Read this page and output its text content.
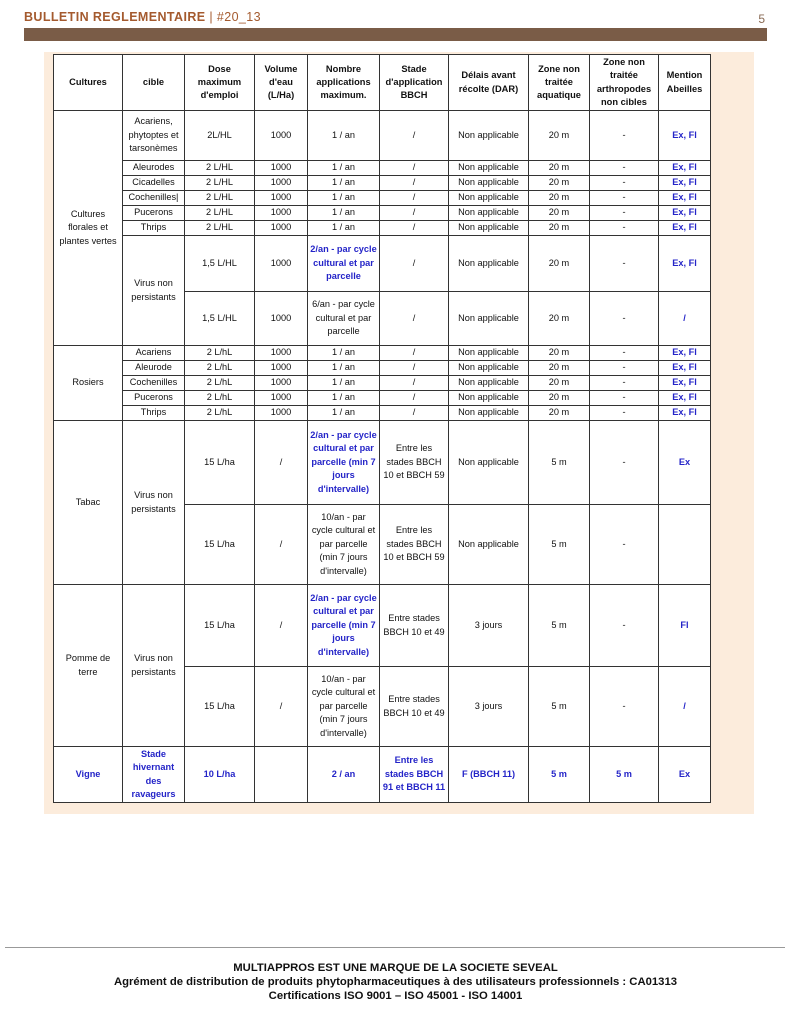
BULLETIN REGLEMENTAIRE | #20_13	5
Cultures	cible	Dose maximum d'emploi	Volume d'eau (L/Ha)	Nombre applications maximum.	Stade d'application BBCH	Délais avant récolte (DAR)	Zone non traitée aquatique	Zone non traitée arthropodes non cibles	Mention Abeilles
Cultures florales et plantes vertes	Acariens, phytoptes et tarsonèmes	2L/HL	1000	1 / an	/	Non applicable	20 m	-	Ex, Fl
	Aleurodes	2 L/HL	1000	1 / an	/	Non applicable	20 m	-	Ex, Fl
	Cicadelles	2 L/HL	1000	1 / an	/	Non applicable	20 m	-	Ex, Fl
	Cochenilles|	2 L/HL	1000	1 / an	/	Non applicable	20 m	-	Ex, Fl
	Pucerons	2 L/HL	1000	1 / an	/	Non applicable	20 m	-	Ex, Fl
	Thrips	2 L/HL	1000	1 / an	/	Non applicable	20 m	-	Ex, Fl
	Virus non persistants	1,5 L/HL	1000	2/an - par cycle cultural et par parcelle	/	Non applicable	20 m	-	Ex, Fl
		1,5 L/HL	1000	6/an - par cycle cultural et par parcelle	/	Non applicable	20 m	-	/
Rosiers	Acariens	2 L/hL	1000	1 / an	/	Non applicable	20 m	-	Ex, Fl
	Aleurode	2 L/hL	1000	1 / an	/	Non applicable	20 m	-	Ex, Fl
	Cochenilles	2 L/hL	1000	1 / an	/	Non applicable	20 m	-	Ex, Fl
	Pucerons	2 L/hL	1000	1 / an	/	Non applicable	20 m	-	Ex, Fl
	Thrips	2 L/hL	1000	1 / an	/	Non applicable	20 m	-	Ex, Fl
Tabac	Virus non persistants	15 L/ha	/	2/an - par cycle cultural et par parcelle (min 7 jours d'intervalle)	Entre les stades BBCH 10 et BBCH 59	Non applicable	5 m	-	Ex
		15 L/ha	/	10/an - par cycle cultural et par parcelle (min 7 jours d'intervalle)	Entre les stades BBCH 10 et BBCH 59	Non applicable	5 m	-	
Pomme de terre	Virus non persistants	15 L/ha	/	2/an - par cycle cultural et par parcelle (min 7 jours d'intervalle)	Entre stades BBCH 10 et 49	3 jours	5 m	-	Fl
		15 L/ha	/	10/an - par cycle cultural et par parcelle (min 7 jours d'intervalle)	Entre stades BBCH 10 et 49	3 jours	5 m	-	/
Vigne	Stade hivernant des ravageurs	10 L/ha		2 / an	Entre les stades BBCH 91 et BBCH 11	F (BBCH 11)	5 m	5 m	Ex
MULTIAPPROS EST UNE MARQUE DE LA SOCIETE SEVEAL
Agrément de distribution de produits phytopharmaceutiques à des utilisateurs professionnels : CA01313
Certifications ISO 9001 – ISO 45001 - ISO 14001
